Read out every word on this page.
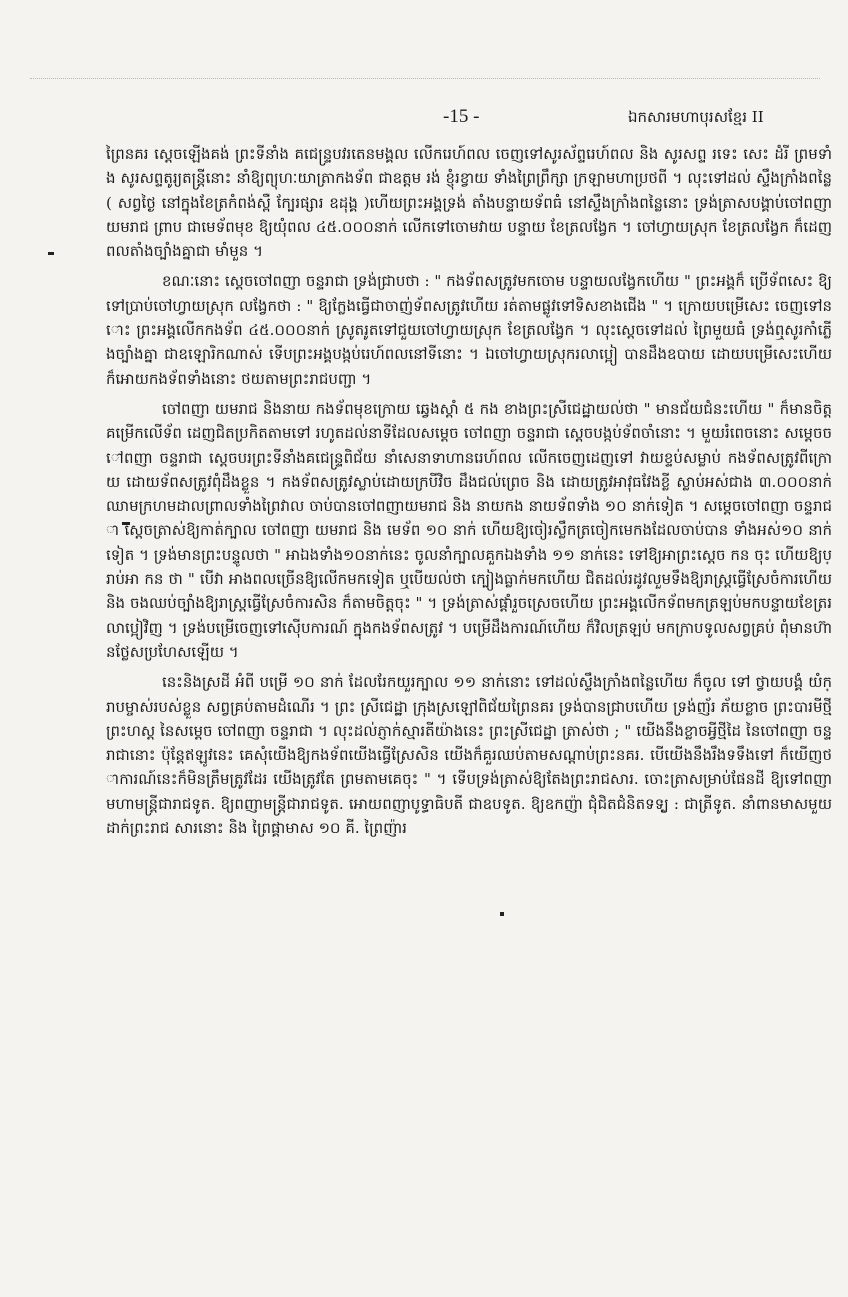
-15 -	ឯកសារមហាបុរសខ្មែរ II

ព្រៃនគរ ស្ដេចឡើងគង់ ព្រះទីនាំង គជេន្ទ្របវរតេនមង្គល លើករេហ៍ពល ចេញទៅសូរស័ព្ទរេហ៍ពល និង សូរសព្ទ រទេះ សេះ ដំរី ព្រមទាំង សូរសព្ទតូរ្យតន្ត្រីនោះ នាំឱ្យព្យុហៈយាត្រាកងទ័ព ជាឧត្ដម រង់ ខ្ញុំរខ្វាយ ទាំងព្រៃព្រឹក្សា ក្រឡាមហាប្រថពី ។ លុះទៅដល់ ស្ទឹងក្រាំងពន្លៃ ( សព្វថ្ងៃ នៅក្នុងខែត្រកំពង់ស្ពឺ ក្បែរផ្សារ ឧដុង្គ )ហើយព្រះអង្គទ្រង់ តាំងបន្ទាយទ័ពធំ នៅស្ទឹងក្រាំងពន្លៃនោះ ទ្រង់ត្រាសបង្គាប់ចៅពញា យមរាជ ព្រាប ជាមេទ័ពមុខ ឱ្យយុំពល ៤៥.០០០នាក់ លើកទៅចោមវាយ បន្ទាយ ខែត្រលង្វែក ។ ចៅហ្វាយស្រុក ខែត្រលង្វែក ក៏ដេញពលតាំងច្បាំងគ្នាជា មាំមួន ។

ខណៈនោះ ស្ដេចចៅពញា ចន្ទរាជា ទ្រង់ជ្រាបថា : " កងទ័ពសត្រូវមកចោម បន្ទាយលង្វែកហើយ " ព្រះអង្គក៏ ប្រើទ័ពសេះ ឱ្យទៅប្រាប់ចៅហ្វាយស្រុក លង្វែកថា : " ឱ្យក្លែងធ្វើជាចាញ់ទ័ពសត្រូវហើយ រត់តាមផ្លូវទៅទិសខាងជើង " ។ ក្រោយបម្រើសេះ ចេញទៅនោះ ព្រះអង្គលើកកងទ័ព ៤៥.០០០នាក់ ស្រូតរូតទៅជួយចៅហ្វាយស្រុក ខែត្រលង្វែក ។ លុះស្ដេចទៅដល់ ព្រៃមួយធំ ទ្រង់ឮសូរកាំភ្លើងច្បាំងគ្នា ជាឧឡោរិកណាស់ ទើបព្រះអង្គបង្កប់រេហ៍ពលនៅទីនោះ ។ ឯចៅហ្វាយស្រុករលាប្អៀ បានដឹងឧបាយ ដោយបម្រើសេះហើយ ក៏អោយកងទ័ពទាំងនោះ ថយតាមព្រះរាជបញ្ជា ។

ចៅពញា យមរាជ និងនាយ កងទ័ពមុខក្រោយ ឆ្វេងស្ដាំ ៥ កង ខាងព្រះស្រីជេដ្ឋាយល់ថា " មានជ័យជំនះហើយ " ក៏មានចិត្តគម្រើកលើទ័ព ដេញជិតប្រកិតតាមទៅ រហូតដល់នាទីដែលសម្ដេច ចៅពញា ចន្ទរាជា ស្ដេចបង្កប់ទ័ពចាំនោះ ។ មួយរំពេចនោះ សម្ដេចចៅពញា ចន្ទរាជា ស្ដេចបរព្រះទីនាំងគជេន្ទ្រពិជ័យ នាំសេនាទាហានរេហ៍ពល លើកចេញដេញទៅ វាយខ្ទប់សម្លាប់ កងទ័ពសត្រូវពីក្រោយ ដោយទ័ពសត្រូវពុំដឹងខ្លួន ។ កងទ័ពសត្រូវស្លាប់ដោយក្របីវិច ដឹងជល់ព្រេច និង ដោយត្រូវអាវុធវែងខ្លី ស្លាប់អស់ជាង ៣.០០០នាក់ ឈាមក្រហមដាលព្រាលទាំងព្រៃវាល ចាប់បានចៅពញាយមរាជ និង នាយកង នាយទ័ពទាំង ១០ នាក់ទៀត ។ សម្ដេចចៅពញា ចន្ទរាជា ស្ដេចត្រាស់ឱ្យកាត់ក្បាល ចៅពញា យមរាជ និង មេទ័ព ១០ នាក់ ហើយឱ្យចៀរស្លឹកត្រចៀកមេកងដែលចាប់បាន ទាំងអស់១០ នាក់ទៀត ។ ទ្រង់មានព្រះបន្ទូលថា " អាឯងទាំង១០នាក់នេះ ចូលនាំក្បាលគួកឯងទាំង ១១ នាក់នេះ ទៅឱ្យអាព្រះស្ដេច កន ចុះ ហើយឱ្យប្រាប់អា កន ថា " បើវា អាងពលច្រើនឱ្យលើកមកទៀត ឬបើយល់ថា ក្បៀងធ្លាក់មកហើយ ជិតដល់រដូវលួមទឹងឱ្យរាស្ត្រធ្វើស្រែចំការហើយ និង ចងឈប់ច្បាំងឱ្យរាស្ត្រធ្វើស្រែចំការសិន ក៏តាមចិត្តចុះ " ។ ទ្រង់ត្រាស់ផ្ដាំរួចស្រេចហើយ ព្រះអង្គលើកទ័ពមកត្រឡប់មកបន្ទាយខែត្ររលាប្អៀវិញ ។ ទ្រង់បម្រើចេញទៅស៊ើបការណ៍ ក្នុងកងទ័ពសត្រូវ ។ បម្រើដឹងការណ៍ហើយ ក៏វិលត្រឡប់ មកក្រាបទូលសព្វគ្រប់ ពុំមានហ៊ានថ្លែសប្រហែសឡើយ ។

នេះនិងស្រដី អំពី បម្រើ ១០ នាក់ ដែលរែកយួរក្បាល ១១ នាក់នោះ ទៅដល់ស្ទឹងក្រាំងពន្លៃហើយ ក៏ចូល ទៅ ថ្វាយបង្គំ យំក្រាបម្ចាស់របស់ខ្លួន សព្វគ្រប់តាមដំណើរ ។ ព្រះ ស្រីជេដ្ឋា ក្រុងស្រឡៅពិជ័យព្រៃនគរ ទ្រង់បានជ្រាបហើយ ទ្រង់ញ័រ ភ័យខ្លាច ព្រះបារមីថ្មីព្រះហស្ត នៃសម្ដេច ចៅពញា ចន្ទរាជា ។ លុះដល់ភ្ញាក់ស្មារតីយ៉ាងនេះ ព្រះស្រីជេដ្ឋា ត្រាស់ថា ; " យើងនឹងខ្លាចអ្វីថ្មីដៃ នៃចៅពញា ចន្ទរាជានោះ ប៉ុន្តែឥឡូវនេះ គេសុំយើងឱ្យកងទ័ពយើងធ្វើស្រែសិន យើងក៏គួរឈប់តាមសណ្ដាប់ព្រះនគរ. បើយើងនឹងរឹងទទឹងទៅ ក៏យើញថាការណ៍នេះក៏មិនត្រឹមត្រូវដែរ យើងត្រូវតែ ព្រមតាមគេចុះ " ។ ទើបទ្រង់ត្រាស់ឱ្យតែងព្រះរាជសារ. ចោះត្រាសម្រាប់ផែនដី ឱ្យទៅពញាមហាមន្ត្រីជារាជទូត. ឱ្យពញាមន្ត្រីជារាជទូត. អោយពញាបូទ្ធាធិបតី ជាឧបទូត. ឱ្យឧកញ៉ា ជុំជិតជំនិតទទ្យ្ល : ជាត្រីទូត. នាំពានមាសមួយ ដាក់ព្រះរាជ សារនោះ និង ព្រៃផ្គាមាស ១០ គី. ព្រៃញ៉ារ
